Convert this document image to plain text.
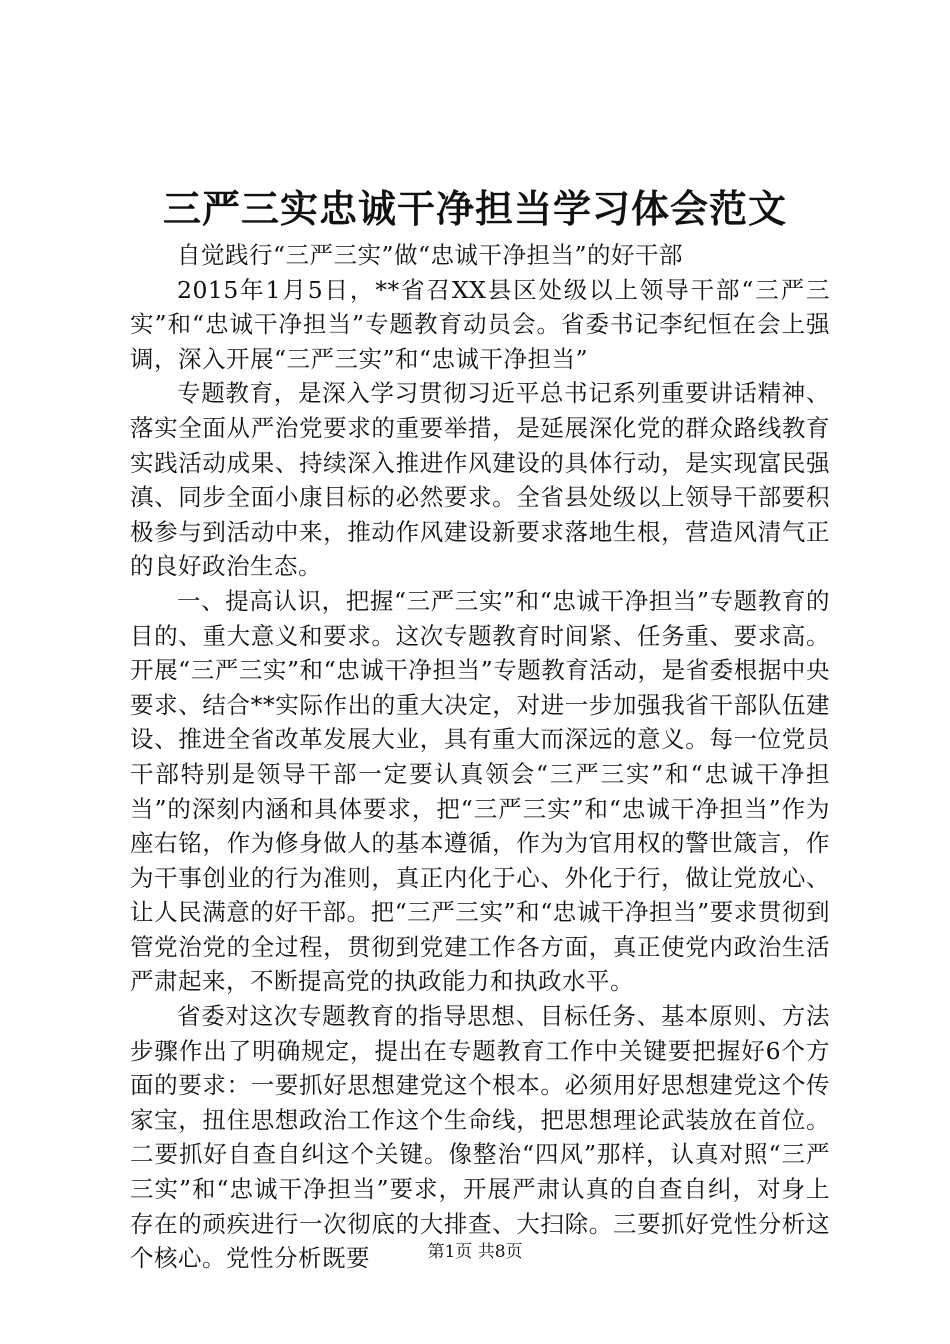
三严三实忠诚干净担当学习体会范文

自觉践行“三严三实”做“忠诚干净担当”的好干部

2015年1月5日，**省召XX县区处级以上领导干部“三严三实”和“忠诚干净担当”专题教育动员会。省委书记李纪恒在会上强调，深入开展“三严三实”和“忠诚干净担当”

专题教育，是深入学习贯彻习近平总书记系列重要讲话精神、落实全面从严治党要求的重要举措，是延展深化党的群众路线教育实践活动成果、持续深入推进作风建设的具体行动，是实现富民强滇、同步全面小康目标的必然要求。全省县处级以上领导干部要积极参与到活动中来，推动作风建设新要求落地生根，营造风清气正的良好政治生态。

一、提高认识，把握“三严三实”和“忠诚干净担当”专题教育的目的、重大意义和要求。这次专题教育时间紧、任务重、要求高。开展“三严三实”和“忠诚干净担当”专题教育活动，是省委根据中央要求、结合**实际作出的重大决定，对进一步加强我省干部队伍建设、推进全省改革发展大业，具有重大而深远的意义。每一位党员干部特别是领导干部一定要认真领会“三严三实”和“忠诚干净担当”的深刻内涵和具体要求，把“三严三实”和“忠诚干净担当”作为座右铭，作为修身做人的基本遵循，作为为官用权的警世箴言，作为干事创业的行为准则，真正内化于心、外化于行，做让党放心、让人民满意的好干部。把“三严三实”和“忠诚干净担当”要求贯彻到管党治党的全过程，贯彻到党建工作各方面，真正使党内政治生活严肃起来，不断提高党的执政能力和执政水平。

省委对这次专题教育的指导思想、目标任务、基本原则、方法步骤作出了明确规定，提出在专题教育工作中关键要把握好6个方面的要求：一要抓好思想建党这个根本。必须用好思想建党这个传家宝，扭住思想政治工作这个生命线，把思想理论武装放在首位。二要抓好自查自纠这个关键。像整治“四风”那样，认真对照“三严三实”和“忠诚干净担当”要求，开展严肃认真的自查自纠，对身上存在的顽疾进行一次彻底的大排查、大扫除。三要抓好党性分析这个核心。党性分析既要	第1页 共8页
